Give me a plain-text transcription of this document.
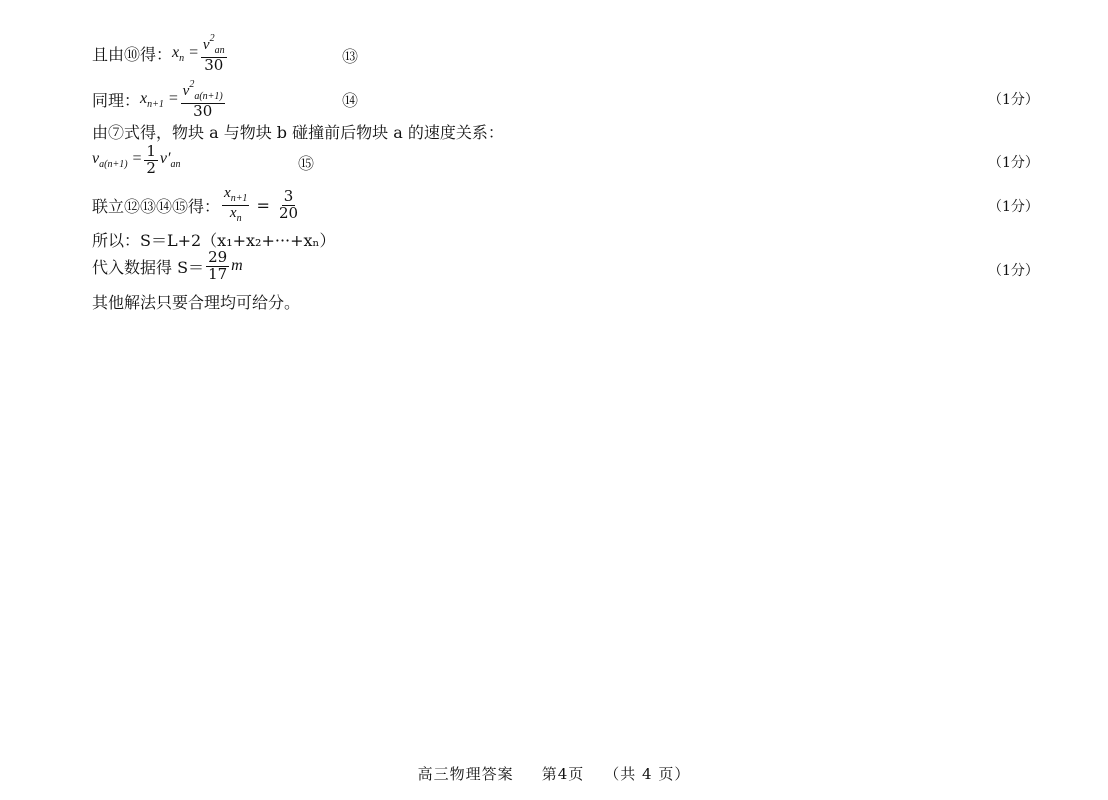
且由⑩得： $x_n = \frac{v^2_{an}}{30}$	⑬
同理： $x_{n+1} = \frac{v^2_{a(n+1)}}{30}$	⑭	（1分）
由⑦式得，物块 a 与物块 b 碰撞前后物块 a 的速度关系：
$v_{a(n+1)} = \frac{1}{2} v'_{an}$	⑮	（1分）
联立⑫⑬⑭⑮得： $\frac{x_{n+1}}{x_n} = \frac{3}{20}$	（1分）
所以：S＝L+2（x₁+x₂+···+xₙ）
代入数据得 $S= \frac{29}{17}$ m	（1分）
其他解法只要合理均可给分。
高三物理答案 第4页 （共 4 页）
